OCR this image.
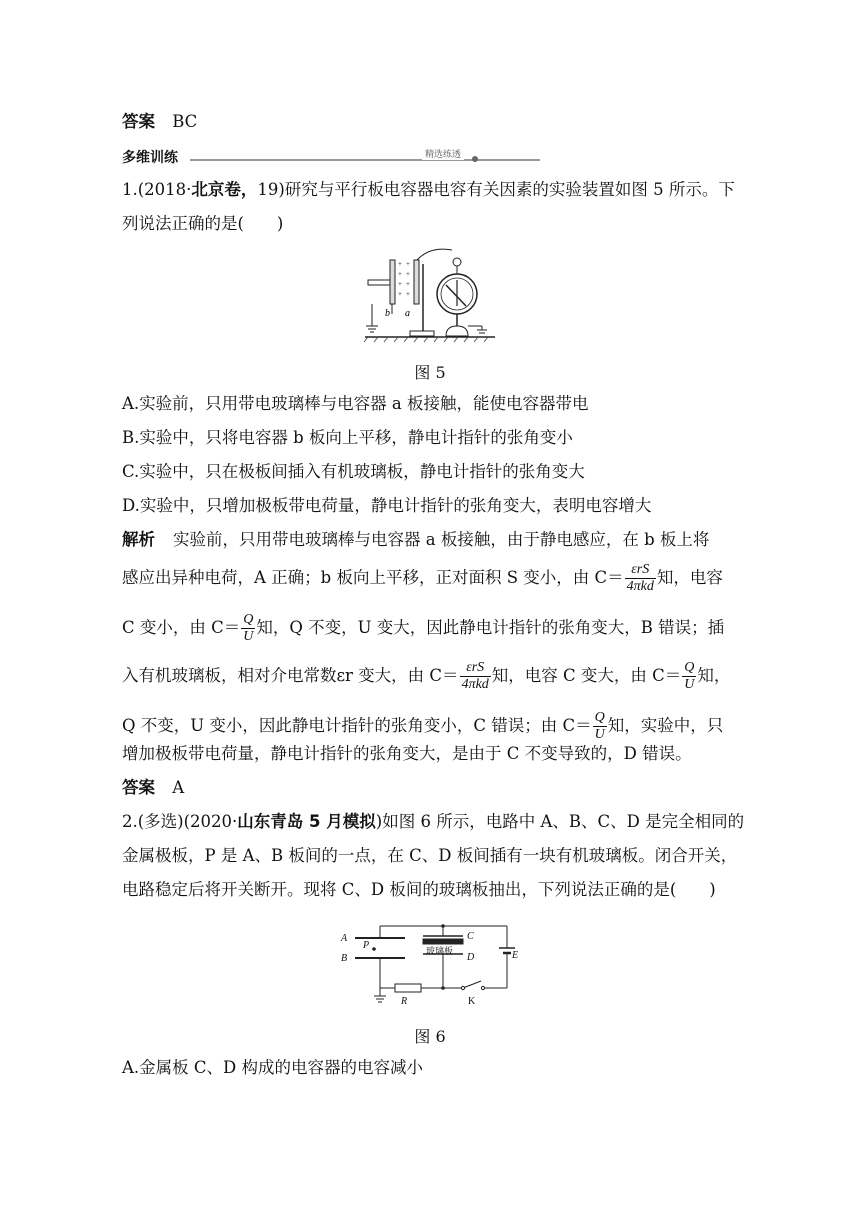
答案 BC
多维训练	精选练透
1.(2018·北京卷，19)研究与平行板电容器电容有关因素的实验装置如图 5 所示。下
列说法正确的是(　　)
+
+
+
+
+
+
+
+
b a
图 5
A.实验前，只用带电玻璃棒与电容器 a 板接触，能使电容器带电
B.实验中，只将电容器 b 板向上平移，静电计指针的张角变小
C.实验中，只在极板间插入有机玻璃板，静电计指针的张角变大
D.实验中，只增加极板带电荷量，静电计指针的张角变大，表明电容增大
解析 实验前，只用带电玻璃棒与电容器 a 板接触，由于静电感应，在 b 板上将
感应出异种电荷，A 正确；b 板向上平移，正对面积 S 变小，由 $C= \frac{\text{εrS}}{\text{4πkd}}$ 知，电容
C 变小，由 $C= \frac{Q}{U}$ 知，Q 不变，U 变大，因此静电计指针的张角变大，B 错误；插
入有机玻璃板，相对介电常数εr 变大，由 $C= \frac{\text{εrS}}{\text{4πkd}}$ 知，电容 C 变大，由 $C= \frac{Q}{U}$ 知，
Q 不变，U 变小，因此静电计指针的张角变小，C 错误；由 $C= \frac{Q}{U}$ 知，实验中，只
增加极板带电荷量，静电计指针的张角变大，是由于 C 不变导致的，D 错误。
答案 A
2.(多选)(2020·山东青岛 5 月模拟)如图 6 所示，电路中 A、B、C、D 是完全相同的
金属极板，P 是 A、B 板间的一点，在 C、D 板间插有一块有机玻璃板。闭合开关，
电路稳定后将开关断开。现将 C、D 板间的玻璃板抽出，下列说法正确的是(　　)
A
B
P
C
D	E
R	K
玻璃板
图 6
A.金属板 C、D 构成的电容器的电容减小
